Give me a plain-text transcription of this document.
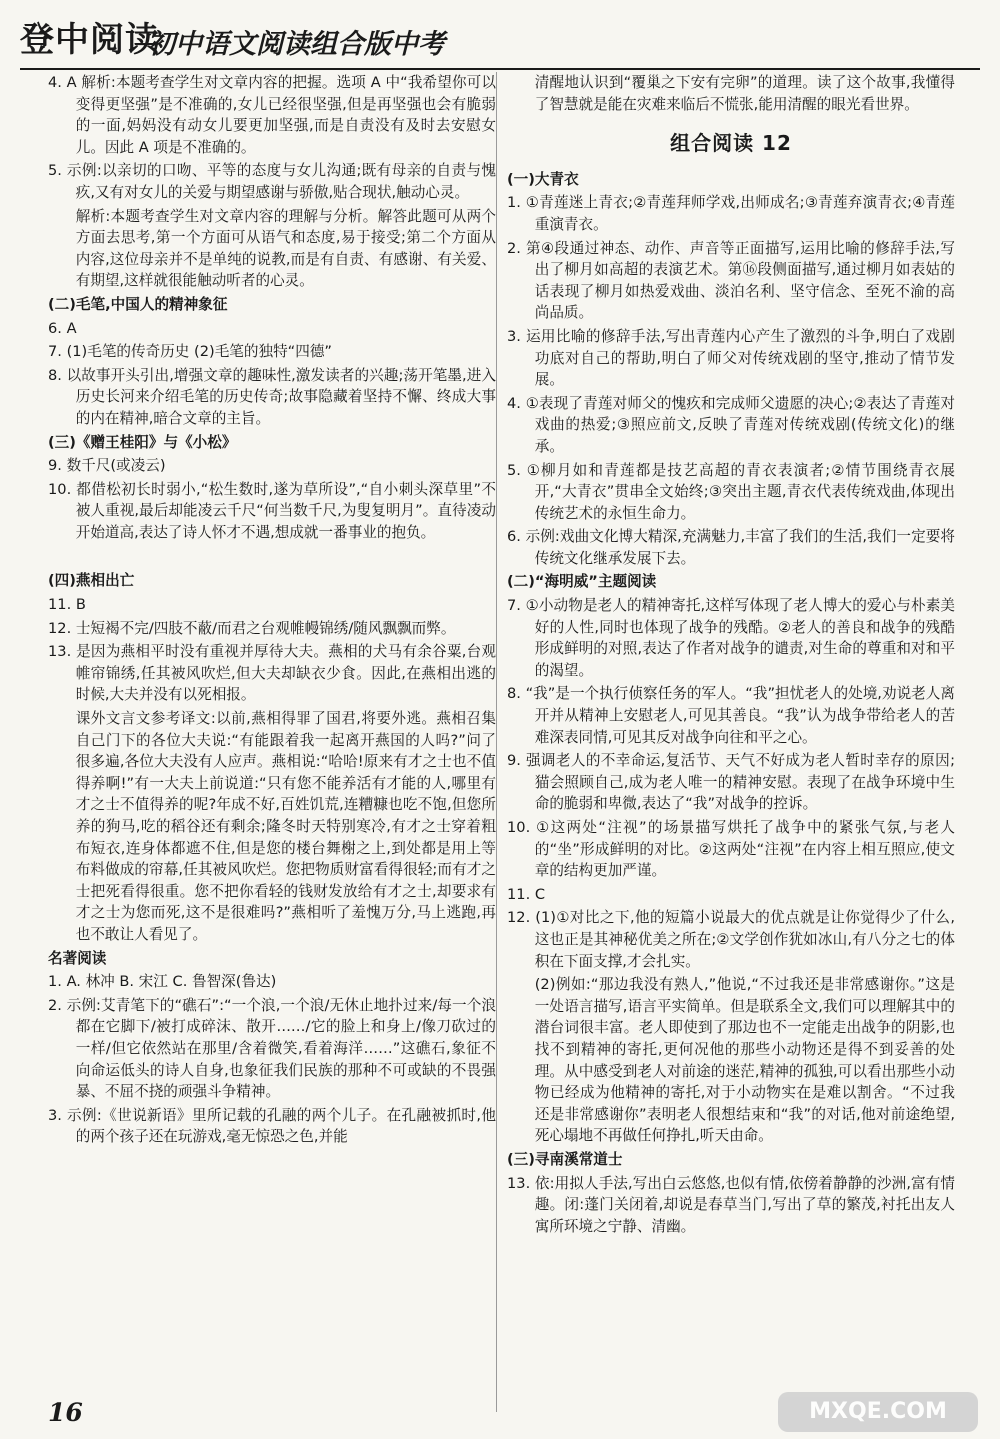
登中阅读
初中语文阅读组合版中考
4. A 解析:本题考查学生对文章内容的把握。选项 A 中“我希望你可以变得更坚强”是不准确的,女儿已经很坚强,但是再坚强也会有脆弱的一面,妈妈没有动女儿要更加坚强,而是自责没有及时去安慰女儿。因此 A 项是不准确的。
5. 示例:以亲切的口吻、平等的态度与女儿沟通;既有母亲的自责与愧疚,又有对女儿的关爱与期望感谢与骄傲,贴合现状,触动心灵。
解析:本题考查学生对文章内容的理解与分析。解答此题可从两个方面去思考,第一个方面可从语气和态度,易于接受;第二个方面从内容,这位母亲并不是单纯的说教,而是有自责、有感谢、有关爱、有期望,这样就很能触动听者的心灵。
(二)毛笔,中国人的精神象征
6. A
7. (1)毛笔的传奇历史 (2)毛笔的独特“四德”
8. 以故事开头引出,增强文章的趣味性,激发读者的兴趣;荡开笔墨,进入历史长河来介绍毛笔的历史传奇;故事隐藏着坚持不懈、终成大事的内在精神,暗合文章的主旨。
(三)《赠王桂阳》与《小松》
9. 数千尺(或凌云)
10. 都借松初长时弱小,“松生数时,遂为草所设”,“自小刺头深草里”不被人重视,最后却能凌云千尺“何当数千尺,为叟复明月”。直待凌动开始道高,表达了诗人怀才不遇,想成就一番事业的抱负。
(四)燕相出亡
11. B
12. 士短褐不完/四肢不蔽/而君之台观帷幔锦绣/随风飘飘而弊。
13. 是因为燕相平时没有重视并厚待大夫。燕相的犬马有余谷粟,台观帷帘锦绣,任其被风吹烂,但大夫却缺衣少食。因此,在燕相出逃的时候,大夫并没有以死相报。
课外文言文参考译文:以前,燕相得罪了国君,将要外逃。燕相召集自己门下的各位大夫说:“有能跟着我一起离开燕国的人吗?”问了很多遍,各位大夫没有人应声。燕相说:“哈哈!原来有才之士也不值得养啊!”有一大夫上前说道:“只有您不能养活有才能的人,哪里有才之士不值得养的呢?年成不好,百姓饥荒,连糟糠也吃不饱,但您所养的狗马,吃的稻谷还有剩余;隆冬时天特别寒冷,有才之士穿着粗布短衣,连身体都遮不住,但是您的楼台舞榭之上,到处都是用上等布料做成的帘幕,任其被风吹烂。您把物质财富看得很轻;而有才之士把死看得很重。您不把你看轻的钱财发放给有才之士,却要求有才之士为您而死,这不是很难吗?”燕相听了羞愧万分,马上逃跑,再也不敢让人看见了。
名著阅读
1. A. 林冲 B. 宋江 C. 鲁智深(鲁达)
2. 示例:艾青笔下的“礁石”:“一个浪,一个浪/无休止地扑过来/每一个浪都在它脚下/被打成碎沫、散开……/它的脸上和身上/像刀砍过的一样/但它依然站在那里/含着微笑,看着海洋……”这礁石,象征不向命运低头的诗人自身,也象征我们民族的那种不可或缺的不畏强暴、不屈不挠的顽强斗争精神。
3. 示例:《世说新语》里所记载的孔融的两个儿子。在孔融被抓时,他的两个孩子还在玩游戏,毫无惊恐之色,并能
清醒地认识到“覆巢之下安有完卵”的道理。读了这个故事,我懂得了智慧就是能在灾难来临后不慌张,能用清醒的眼光看世界。
组合阅读 12
(一)大青衣
1. ①青莲迷上青衣;②青莲拜师学戏,出师成名;③青莲弃演青衣;④青莲重演青衣。
2. 第④段通过神态、动作、声音等正面描写,运用比喻的修辞手法,写出了柳月如高超的表演艺术。第⑯段侧面描写,通过柳月如表姑的话表现了柳月如热爱戏曲、淡泊名利、坚守信念、至死不渝的高尚品质。
3. 运用比喻的修辞手法,写出青莲内心产生了激烈的斗争,明白了戏剧功底对自己的帮助,明白了师父对传统戏剧的坚守,推动了情节发展。
4. ①表现了青莲对师父的愧疚和完成师父遗愿的决心;②表达了青莲对戏曲的热爱;③照应前文,反映了青莲对传统戏剧(传统文化)的继承。
5. ①柳月如和青莲都是技艺高超的青衣表演者;②情节围绕青衣展开,“大青衣”贯串全文始终;③突出主题,青衣代表传统戏曲,体现出传统艺术的永恒生命力。
6. 示例:戏曲文化博大精深,充满魅力,丰富了我们的生活,我们一定要将传统文化继承发展下去。
(二)“海明威”主题阅读
7. ①小动物是老人的精神寄托,这样写体现了老人博大的爱心与朴素美好的人性,同时也体现了战争的残酷。②老人的善良和战争的残酷形成鲜明的对照,表达了作者对战争的谴责,对生命的尊重和对和平的渴望。
8. “我”是一个执行侦察任务的军人。“我”担忧老人的处境,劝说老人离开并从精神上安慰老人,可见其善良。“我”认为战争带给老人的苦难深表同情,可见其反对战争向往和平之心。
9. 强调老人的不幸命运,复活节、天气不好成为老人暂时幸存的原因;猫会照顾自己,成为老人唯一的精神安慰。表现了在战争环境中生命的脆弱和卑微,表达了“我”对战争的控诉。
10. ①这两处“注视”的场景描写烘托了战争中的紧张气氛,与老人的“坐”形成鲜明的对比。②这两处“注视”在内容上相互照应,使文章的结构更加严谨。
11. C
12. (1)①对比之下,他的短篇小说最大的优点就是让你觉得少了什么,这也正是其神秘优美之所在;②文学创作犹如冰山,有八分之七的体积在下面支撑,才会扎实。
(2)例如:“那边我没有熟人,”他说,“不过我还是非常感谢你。”这是一处语言描写,语言平实简单。但是联系全文,我们可以理解其中的潜台词很丰富。老人即使到了那边也不一定能走出战争的阴影,也找不到精神的寄托,更何况他的那些小动物还是得不到妥善的处理。从中感受到老人对前途的迷茫,精神的孤独,可以看出那些小动物已经成为他精神的寄托,对于小动物实在是难以割舍。“不过我还是非常感谢你”表明老人很想结束和“我”的对话,他对前途绝望,死心塌地不再做任何挣扎,听天由命。
(三)寻南溪常道士
13. 依:用拟人手法,写出白云悠悠,也似有情,依傍着静静的沙洲,富有情趣。闭:蓬门关闭着,却说是春草当门,写出了草的繁茂,衬托出友人寓所环境之宁静、清幽。
16	MXQE.COM
